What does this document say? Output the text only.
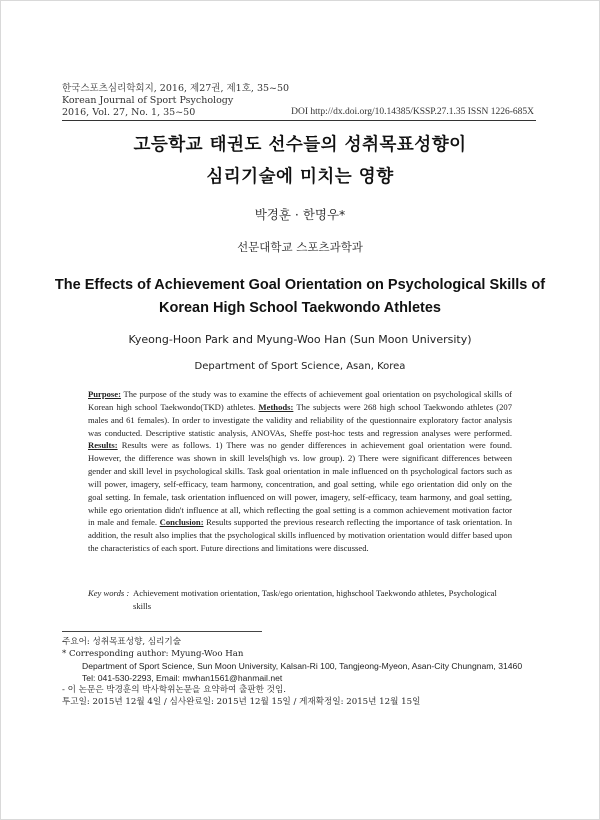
한국스포츠심리학회지, 2016, 제27권, 제1호, 35~50
Korean Journal of Sport Psychology
2016, Vol. 27, No. 1, 35~50	DOI http://dx.doi.org/10.14385/KSSP.27.1.35 ISSN 1226-685X
고등학교 태권도 선수들의 성취목표성향이
심리기술에 미치는 영향
박경훈 · 한명우*
선문대학교 스포츠과학과
The Effects of Achievement Goal Orientation on Psychological Skills of
Korean High School Taekwondo Athletes
Kyeong-Hoon Park and Myung-Woo Han (Sun Moon University)
Department of Sport Science, Asan, Korea
Purpose: The purpose of the study was to examine the effects of achievement goal orientation on psychological skills of Korean high school Taekwondo(TKD) athletes. Methods: The subjects were 268 high school Taekwondo athletes (207 males and 61 females). In order to investigate the validity and reliability of the questionnaire exploratory factor analysis was conducted. Descriptive statistic analysis, ANOVAs, Sheffe post-hoc tests and regression analyses were performed. Results: Results were as follows. 1) There was no gender differences in achievement goal orientation were found. However, the difference was shown in skill levels(high vs. low group). 2) There were significant differences between gender and skill level in psychological skills. Task goal orientation in male influenced on th psychological factors such as will power, imagery, self-efficacy, team harmony, concentration, and goal setting, while ego orientation did only on the goal setting. In female, task orientation influenced on will power, imagery, self-efficacy, team harmony, and goal setting, while ego orientation didn't influence at all, which reflecting the goal setting is a common achievement motivation factor in male and female. Conclusion: Results supported the previous research reflecting the importance of task orientation. In addition, the result also implies that the psychological skills influenced by motivation orientation would differ based upon the characteristics of each sport. Future directions and limitations were discussed.
Key words : Achievement motivation orientation, Task/ego orientation, highschool Taekwondo athletes, Psychological skills
주요어: 성취목표성향, 심리기술
* Corresponding author: Myung-Woo Han
Department of Sport Science, Sun Moon University, Kalsan-Ri 100, Tangjeong-Myeon, Asan-City Chungnam, 31460
Tel: 041-530-2293, Email: mwhan1561@hanmail.net
- 이 논문은 박경훈의 박사학위논문을 요약하여 출판한 것임.
투고일: 2015년 12월 4일 / 심사완료일: 2015년 12월 15일 / 게재확정일: 2015년 12월 15일
